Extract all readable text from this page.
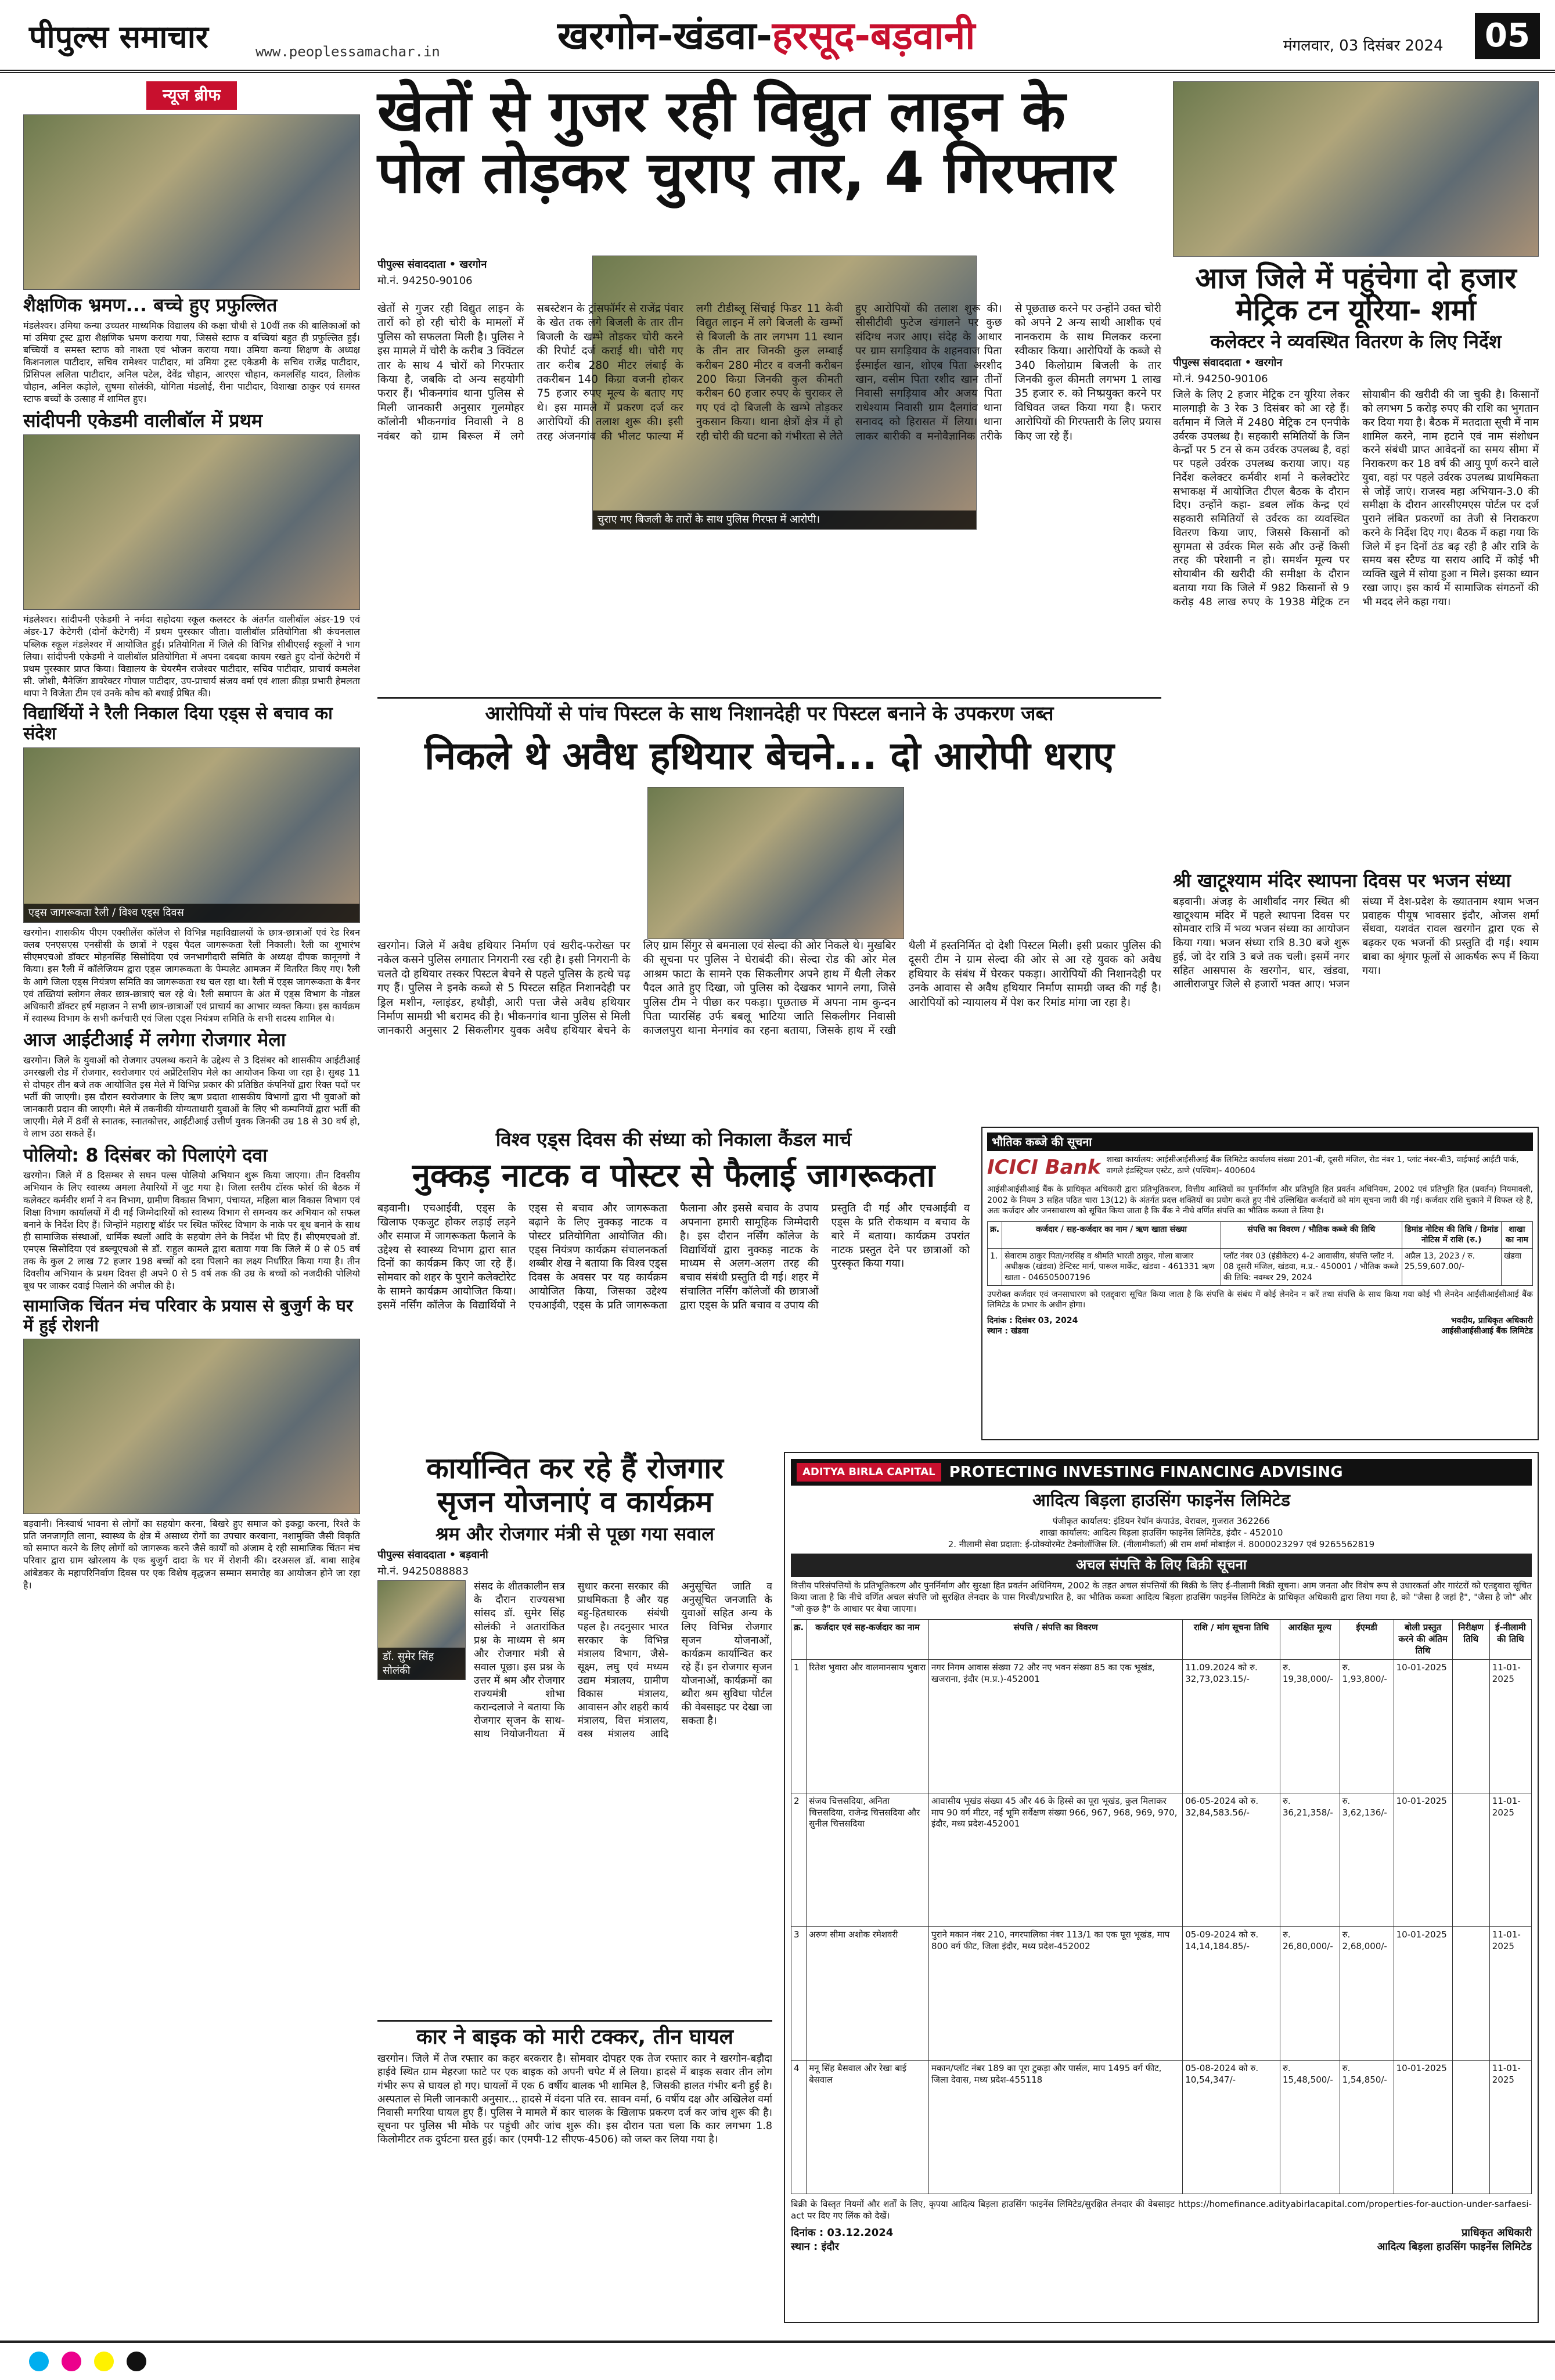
पीपुल्स समाचार	www.peoplessamachar.in	खरगोन-खंडवा-हरसूद-बड़वानी	मंगलवार, 03 दिसंबर 2024	05
न्यूज ब्रीफ
शैक्षणिक भ्रमण... बच्चे हुए प्रफुल्लित

मंडलेश्वर। उमिया कन्या उच्चतर माध्यमिक विद्यालय की कक्षा चौथी से 10वीं तक की बालिकाओं को मां उमिया ट्रस्ट द्वारा शैक्षणिक भ्रमण कराया गया, जिससे स्टाफ व बच्चियां बहुत ही प्रफुल्लित हुईं। बच्चियों व समस्त स्टाफ को नाश्ता एवं भोजन कराया गया। उमिया कन्या शिक्षण के अध्यक्ष किशनलाल पाटीदार, सचिव रामेश्वर पाटीदार, मां उमिया ट्रस्ट एकेडमी के सचिव राजेंद्र पाटीदार, प्रिंसिपल ललिता पाटीदार, अनिल पटेल, देवेंद्र चौहान, आरएस चौहान, कमलसिंह यादव, तिलोक चौहान, अनिल कड़ोले, सुषमा सोलंकी, योगिता मंडलोई, रीना पाटीदार, विशाखा ठाकुर एवं समस्त स्टाफ बच्चों के उत्साह में शामिल हुए।

सांदीपनी एकेडमी वालीबॉल में प्रथम

मंडलेश्वर। सांदीपनी एकेडमी ने नर्मदा सहोदया स्कूल कलस्टर के अंतर्गत वालीबॉल अंडर-19 एवं अंडर-17 केटेगरी (दोनों केटेगरी) में प्रथम पुरस्कार जीता। वालीबॉल प्रतियोगिता श्री कंचनलाल पब्लिक स्कूल मंडलेश्वर में आयोजित हुई। प्रतियोगिता में जिले की विभिन्न सीबीएसई स्कूलों ने भाग लिया। सांदीपनी एकेडमी ने वालीबॉल प्रतियोगिता में अपना दबदबा कायम रखते हुए दोनों केटेगरी में प्रथम पुरस्कार प्राप्त किया। विद्यालय के चेयरमैन राजेश्वर पाटीदार, सचिव पाटीदार, प्राचार्य कमलेश सी. जोशी, मैनेजिंग डायरेक्टर गोपाल पाटीदार, उप-प्राचार्य संजय वर्मा एवं शाला क्रीड़ा प्रभारी हेमलता थापा ने विजेता टीम एवं उनके कोच को बधाई प्रेषित की।

विद्यार्थियों ने रैली निकाल दिया एड्स से बचाव का संदेश
एड्स जागरूकता रैली / विश्व एड्स दिवस

खरगोन। शासकीय पीएम एक्सीलेंस कॉलेज से विभिन्न महाविद्यालयों के छात्र-छात्राओं एवं रेड रिबन क्लब एनएसएस एनसीसी के छात्रों ने एड्स पैदल जागरूकता रैली निकाली। रैली का शुभारंभ सीएमएचओ डॉक्टर मोहनसिंह सिसोदिया एवं जनभागीदारी समिति के अध्यक्ष दीपक कानूनगो ने किया। इस रैली में कॉलेजियम द्वारा एड्स जागरूकता के पेम्पलेट आमजन में वितरित किए गए। रैली के आगे जिला एड्स नियंत्रण समिति का जागरूकता रथ चल रहा था। रैली में एड्स जागरूकता के बैनर एवं तख्तियां स्लोगन लेकर छात्र-छात्राएं चल रहे थे। रैली समापन के अंत में एड्स विभाग के नोडल अधिकारी डॉक्टर हर्ष महाजन ने सभी छात्र-छात्राओं एवं प्राचार्य का आभार व्यक्त किया। इस कार्यक्रम में स्वास्थ्य विभाग के सभी कर्मचारी एवं जिला एड्स नियंत्रण समिति के सभी सदस्य शामिल थे।

आज आईटीआई में लगेगा रोजगार मेला

खरगोन। जिले के युवाओं को रोजगार उपलब्ध कराने के उद्देश्य से 3 दिसंबर को शासकीय आईटीआई उमरखली रोड में रोजगार, स्वरोजगार एवं अप्रेंटिसशिप मेले का आयोजन किया जा रहा है। सुबह 11 से दोपहर तीन बजे तक आयोजित इस मेले में विभिन्न प्रकार की प्रतिष्ठित कंपनियों द्वारा रिक्त पदों पर भर्ती की जाएगी। इस दौरान स्वरोजगार के लिए ऋण प्रदाता शासकीय विभागों द्वारा भी युवाओं को जानकारी प्रदान की जाएगी। मेले में तकनीकी योग्यताधारी युवाओं के लिए भी कम्पनियों द्वारा भर्ती की जाएगी। मेले में 8वीं से स्नातक, स्नातकोत्तर, आईटीआई उत्तीर्ण युवक जिनकी उम्र 18 से 30 वर्ष हो, वे लाभ उठा सकते हैं।

पोलियो: 8 दिसंबर को पिलाएंगे दवा

खरगोन। जिले में 8 दिसम्बर से सघन पल्स पोलियो अभियान शुरू किया जाएगा। तीन दिवसीय अभियान के लिए स्वास्थ्य अमला तैयारियों में जुट गया है। जिला स्तरीय टॉस्क फोर्स की बैठक में कलेक्टर कर्मवीर शर्मा ने वन विभाग, ग्रामीण विकास विभाग, पंचायत, महिला बाल विकास विभाग एवं शिक्षा विभाग कार्यालयों में दी गई जिम्मेदारियों को स्वास्थ्य विभाग से समन्वय कर अभियान को सफल बनाने के निर्देश दिए हैं। जिन्होंने महाराष्ट्र बॉर्डर पर स्थित फॉरेस्ट विभाग के नाके पर बूथ बनाने के साथ ही सामाजिक संस्थाओं, धार्मिक स्थलों आदि के सहयोग लेने के निर्देश भी दिए हैं। सीएमएचओ डॉ. एमएस सिसोदिया एवं डब्ल्यूएचओ से डॉ. राहुल कामले द्वारा बताया गया कि जिले में 0 से 05 वर्ष तक के कुल 2 लाख 72 हजार 198 बच्चों को दवा पिलाने का लक्ष्य निर्धारित किया गया है। तीन दिवसीय अभियान के प्रथम दिवस ही अपने 0 से 5 वर्ष तक की उम्र के बच्चों को नजदीकी पोलियो बूथ पर जाकर दवाई पिलाने की अपील की है।

सामाजिक चिंतन मंच परिवार के प्रयास से बुजुर्ग के घर में हुई रोशनी

बड़वानी। निःस्वार्थ भावना से लोगों का सहयोग करना, बिखरे हुए समाज को इकट्ठा करना, रिश्ते के प्रति जनजागृति लाना, स्वास्थ्य के क्षेत्र में असाध्य रोगों का उपचार करवाना, नशामुक्ति जैसी विकृति को समाप्त करने के लिए लोगों को जागरूक करने जैसे कार्यों को अंजाम दे रही सामाजिक चिंतन मंच परिवार द्वारा ग्राम खोरलाय के एक बुजुर्ग दादा के घर में रोशनी की। दरअसल डॉ. बाबा साहेब आंबेडकर के महापरिनिर्वाण दिवस पर एक विशेष वृद्धजन सम्मान समारोह का आयोजन होने जा रहा है।

खेतों से गुजर रही विद्युत लाइन के
पोल तोड़कर चुराए तार, 4 गिरफ्तार
पीपुल्स संवाददाता • खरगोन
मो.नं. 94250-90106
चुराए गए बिजली के तारों के साथ पुलिस गिरफ्त में आरोपी।

खेतों से गुजर रही विद्युत लाइन के तारों को हो रही चोरी के मामलों में पुलिस को सफलता मिली है। पुलिस ने इस मामले में चोरी के करीब 3 क्विंटल तार के साथ 4 चोरों को गिरफ्तार किया है, जबकि दो अन्य सहयोगी फरार हैं। भीकनगांव थाना पुलिस से मिली जानकारी अनुसार गुलमोहर कॉलोनी भीकनगांव निवासी ने 8 नवंबर को ग्राम बिरूल में लगे सबस्टेशन के ट्रांसफॉर्मर से राजेंद्र पंवार के खेत तक लगे बिजली के तार तीन बिजली के खम्भे तोड़कर चोरी करने की रिपोर्ट दर्ज कराई थी। चोरी गए तार करीब 280 मीटर लंबाई के तकरीबन 140 किग्रा वजनी होकर 75 हजार रुपए मूल्य के बताए गए थे। इस मामले में प्रकरण दर्ज कर आरोपियों की तलाश शुरू की। इसी तरह अंजनगांव की भीलट फाल्या में लगी टीडीब्लू सिंचाई फिडर 11 केवी विद्युत लाइन में लगे बिजली के खम्भों से बिजली के तार लगभग 11 स्थान के तीन तार जिनकी कुल लम्बाई करीबन 280 मीटर व वजनी करीबन 200 किग्रा जिनकी कुल कीमती करीबन 60 हजार रुपए के चुराकर ले गए एवं दो बिजली के खम्भे तोड़कर नुकसान किया। थाना क्षेत्रों क्षेत्र में हो रही चोरी की घटना को गंभीरता से लेते हुए आरोपियों की तलाश शुरू की। सीसीटीवी फुटेज खंगालने पर कुछ संदिग्ध नजर आए। संदेह के आधार पर ग्राम सगड़ियाव के शहनवाज पिता ईस्माईल खान, शोएब पिता अरशीद खान, वसीम पिता रशीद खान तीनों निवासी सगड़ियाव और अजय पिता राधेश्याम निवासी ग्राम दैलगांव थाना सनावद को हिरासत में लिया। थाना लाकर बारीकी व मनोवैज्ञानिक तरीके से पूछताछ करने पर उन्होंने उक्त चोरी को अपने 2 अन्य साथी आशीक एवं नानकराम के साथ मिलकर करना स्वीकार किया। आरोपियों के कब्जे से 340 किलोग्राम बिजली के तार जिनकी कुल कीमती लगभग 1 लाख 35 हजार रु. को निष्प्रयुक्त करने पर विधिवत जब्त किया गया है। फरार आरोपियों की गिरफ्तारी के लिए प्रयास किए जा रहे हैं।

आज जिले में पहुंचेगा दो हजार
मेट्रिक टन यूरिया- शर्मा
कलेक्टर ने व्यवस्थित वितरण के लिए निर्देश
पीपुल्स संवाददाता • खरगोन
मो.नं. 94250-90106

जिले के लिए 2 हजार मेट्रिक टन यूरिया लेकर मालगाड़ी के 3 रेक 3 दिसंबर को आ रहे हैं। वर्तमान में जिले में 2480 मेट्रिक टन एनपीके उर्वरक उपलब्ध है। सहकारी समितियों के जिन केन्द्रों पर 5 टन से कम उर्वरक उपलब्ध है, वहां पर पहले उर्वरक उपलब्ध कराया जाए। यह निर्देश कलेक्टर कर्मवीर शर्मा ने कलेक्टोरेट सभाकक्ष में आयोजित टीएल बैठक के दौरान दिए। उन्होंने कहा- डबल लॉक केन्द्र एवं सहकारी समितियों से उर्वरक का व्यवस्थित वितरण किया जाए, जिससे किसानों को सुगमता से उर्वरक मिल सके और उन्हें किसी तरह की परेशानी न हो। समर्थन मूल्य पर सोयाबीन की खरीदी की समीक्षा के दौरान बताया गया कि जिले में 982 किसानों से 9 करोड़ 48 लाख रुपए के 1938 मेट्रिक टन सोयाबीन की खरीदी की जा चुकी है। किसानों को लगभग 5 करोड़ रुपए की राशि का भुगतान कर दिया गया है। बैठक में मतदाता सूची में नाम शामिल करने, नाम हटाने एवं नाम संशोधन करने संबंधी प्राप्त आवेदनों का समय सीमा में निराकरण कर 18 वर्ष की आयु पूर्ण करने वाले युवा, वहां पर पहले उर्वरक उपलब्ध प्राथमिकता से जोड़ें जाएं। राजस्व महा अभियान-3.0 की समीक्षा के दौरान आरसीएमएस पोर्टल पर दर्ज पुराने लंबित प्रकरणों का तेजी से निराकरण करने के निर्देश दिए गए। बैठक में कहा गया कि जिले में इन दिनों ठंड बढ़ रही है और रात्रि के समय बस स्टैण्ड या सराय आदि में कोई भी व्यक्ति खुले में सोया हुआ न मिले। इसका ध्यान रखा जाए। इस कार्य में सामाजिक संगठनों की भी मदद लेने कहा गया।

आरोपियों से पांच पिस्टल के साथ निशानदेही पर पिस्टल बनाने के उपकरण जब्त
निकले थे अवैध हथियार बेचने... दो आरोपी धराए

खरगोन। जिले में अवैध हथियार निर्माण एवं खरीद-फरोख्त पर नकेल कसने पुलिस लगातार निगरानी रख रही है। इसी निगरानी के चलते दो हथियार तस्कर पिस्टल बेचने से पहले पुलिस के हत्थे चढ़ गए हैं। पुलिस ने इनके कब्जे से 5 पिस्टल सहित निशानदेही पर ड्रिल मशीन, ग्लाइंडर, हथौड़ी, आरी पत्ता जैसे अवैध हथियार निर्माण सामग्री भी बरामद की है। भीकनगांव थाना पुलिस से मिली जानकारी अनुसार 2 सिकलीगर युवक अवैध हथियार बेचने के लिए ग्राम सिंगुर से बमनाला एवं सेल्दा की ओर निकले थे। मुखबिर की सूचना पर पुलिस ने घेराबंदी की। सेल्दा रोड की ओर मेल आश्रम फाटा के सामने एक सिकलीगर अपने हाथ में थैली लेकर पैदल आते हुए दिखा, जो पुलिस को देखकर भागने लगा, जिसे पुलिस टीम ने पीछा कर पकड़ा। पूछताछ में अपना नाम कुन्दन पिता प्यारसिंह उर्फ बबलू भाटिया जाति सिकलीगर निवासी काजलपुरा थाना मेनगांव का रहना बताया, जिसके हाथ में रखी थैली में हस्तनिर्मित दो देशी पिस्टल मिली। इसी प्रकार पुलिस की दूसरी टीम ने ग्राम सेल्दा की ओर से आ रहे युवक को अवैध हथियार के संबंध में घेरकर पकड़ा। आरोपियों की निशानदेही पर उनके आवास से अवैध हथियार निर्माण सामग्री जब्त की गई है। आरोपियों को न्यायालय में पेश कर रिमांड मांगा जा रहा है।

श्री खाटूश्याम मंदिर स्थापना दिवस पर भजन संध्या

बड़वानी। अंजड़ के आशीर्वाद नगर स्थित श्री खाटूश्याम मंदिर में पहले स्थापना दिवस पर सोमवार रात्रि में भव्य भजन संध्या का आयोजन किया गया। भजन संध्या रात्रि 8.30 बजे शुरू हुई, जो देर रात्रि 3 बजे तक चली। इसमें नगर सहित आसपास के खरगोन, धार, खंडवा, आलीराजपुर जिले से हजारों भक्त आए। भजन संध्या में देश-प्रदेश के ख्यातनाम श्याम भजन प्रवाहक पीयूष भावसार इंदौर, ओजस शर्मा सेंधवा, यशवंत रावल खरगोन द्वारा एक से बढ़कर एक भजनों की प्रस्तुति दी गई। श्याम बाबा का श्रृंगार फूलों से आकर्षक रूप में किया गया।

विश्व एड्स दिवस की संध्या को निकाला कैंडल मार्च
नुक्कड़ नाटक व पोस्टर से फैलाई जागरूकता

बड़वानी। एचआईवी, एड्स के खिलाफ एकजुट होकर लड़ाई लड़ने और समाज में जागरूकता फैलाने के उद्देश्य से स्वास्थ्य विभाग द्वारा सात दिनों का कार्यक्रम किए जा रहे हैं। सोमवार को शहर के पुराने कलेक्टोरेट के सामने कार्यक्रम आयोजित किया। इसमें नर्सिंग कॉलेज के विद्यार्थियों ने एड्स से बचाव और जागरूकता बढ़ाने के लिए नुक्कड़ नाटक व पोस्टर प्रतियोगिता आयोजित की। एड्स नियंत्रण कार्यक्रम संचालनकर्ता शब्बीर शेख ने बताया कि विश्व एड्स दिवस के अवसर पर यह कार्यक्रम आयोजित किया, जिसका उद्देश्य एचआईवी, एड्स के प्रति जागरूकता फैलाना और इससे बचाव के उपाय अपनाना हमारी सामूहिक जिम्मेदारी है। इस दौरान नर्सिंग कॉलेज के विद्यार्थियों द्वारा नुक्कड़ नाटक के माध्यम से अलग-अलग तरह की बचाव संबंधी प्रस्तुति दी गई। शहर में संचालित नर्सिंग कॉलेजों की छात्राओं द्वारा एड्स के प्रति बचाव व उपाय की प्रस्तुति दी गई और एचआईवी व एड्स के प्रति रोकथाम व बचाव के बारे में बताया। कार्यक्रम उपरांत नाटक प्रस्तुत देने पर छात्राओं को पुरस्कृत किया गया।

भौतिक कब्जे की सूचना
ICICI Bank शाखा कार्यालय: आईसीआईसीआई बैंक लिमिटेड कार्यालय संख्या 201-बी, दूसरी मंजिल, रोड नंबर 1, प्लांट नंबर-बी3, वाईफाई आईटी पार्क, वागले इंडस्ट्रियल एस्टेट, ठाणे (पश्चिम)- 400604

आईसीआईसीआई बैंक के प्राधिकृत अधिकारी द्वारा प्रतिभूतिकरण, वित्तीय आस्तियों का पुनर्निर्माण और प्रतिभूति हित प्रवर्तन अधिनियम, 2002 एवं प्रतिभूति हित (प्रवर्तन) नियमावली, 2002 के नियम 3 सहित पठित धारा 13(12) के अंतर्गत प्रदत्त शक्तियों का प्रयोग करते हुए नीचे उल्लिखित कर्जदारों को मांग सूचना जारी की गई। कर्जदार राशि चुकाने में विफल रहे हैं, अतः कर्जदार और जनसाधारण को सूचित किया जाता है कि बैंक ने नीचे वर्णित संपत्ति का भौतिक कब्जा ले लिया है।

क्र.	कर्जदार / सह-कर्जदार का नाम / ऋण खाता संख्या	संपत्ति का विवरण / भौतिक कब्जे की तिथि	डिमांड नोटिस की तिथि / डिमांड नोटिस में राशि (रु.)	शाखा का नाम
1.	सेवाराम ठाकुर पिता/नरसिंह व श्रीमति भारती ठाकुर, गोला बाजार अधीक्षक (खंडवा) डेन्टिस्ट मार्ग, पारूल मार्केट, खंडवा - 461331 ऋण खाता - 046505007196	प्लॉट नंबर 03 (इंडीकेटर) 4-2 आवासीय, संपत्ति प्लॉट नं. 08 दूसरी मंजिल, खंडवा, म.प्र.- 450001 / भौतिक कब्जे की तिथि: नवम्बर 29, 2024	अप्रैल 13, 2023 / रु. 25,59,607.00/-	खंडवा

उपरोक्त कर्जदार एवं जनसाधारण को एतद्द्वारा सूचित किया जाता है कि संपत्ति के संबंध में कोई लेनदेन न करें तथा संपत्ति के साथ किया गया कोई भी लेनदेन आईसीआईसीआई बैंक लिमिटेड के प्रभार के अधीन होगा।

दिनांक : दिसंबर 03, 2024
स्थान : खंडवा
भवदीय, प्राधिकृत अधिकारी
आईसीआईसीआई बैंक लिमिटेड
कार्यान्वित कर रहे हैं रोजगार
सृजन योजनाएं व कार्यक्रम
श्रम और रोजगार मंत्री से पूछा गया सवाल
पीपुल्स संवाददाता • बड़वानी
मो.नं. 9425088883
डॉ. सुमेर सिंह सोलंकी

संसद के शीतकालीन सत्र के दौरान राज्यसभा सांसद डॉ. सुमेर सिंह सोलंकी ने अतारांकित प्रश्न के माध्यम से श्रम और रोजगार मंत्री से सवाल पूछा। इस प्रश्न के उत्तर में श्रम और रोजगार राज्यमंत्री शोभा करान्दलाजे ने बताया कि रोजगार सृजन के साथ-साथ नियोजनीयता में सुधार करना सरकार की प्राथमिकता है और यह बहु-हितधारक संबंधी पहल है। तदनुसार भारत सरकार के विभिन्न मंत्रालय विभाग, जैसे- सूक्ष्म, लघु एवं मध्यम उद्यम मंत्रालय, ग्रामीण विकास मंत्रालय, आवासन और शहरी कार्य मंत्रालय, वित्त मंत्रालय, वस्त्र मंत्रालय आदि अनुसूचित जाति व अनुसूचित जनजाति के युवाओं सहित अन्य के लिए विभिन्न रोजगार सृजन योजनाओं, कार्यक्रम कार्यान्वित कर रहे हैं। इन रोजगार सृजन योजनाओं, कार्यक्रमों का ब्यौरा श्रम सुविधा पोर्टल की वेबसाइट पर देखा जा सकता है।

कार ने बाइक को मारी टक्कर, तीन घायल

खरगोन। जिले में तेज रफ्तार का कहर बरकरार है। सोमवार दोपहर एक तेज रफ्तार कार ने खरगोन-बड़ौदा हाईवे स्थित ग्राम मेहरजा फाटे पर एक बाइक को अपनी चपेट में ले लिया। हादसे में बाइक सवार तीन लोग गंभीर रूप से घायल हो गए। घायलों में एक 6 वर्षीय बालक भी शामिल है, जिसकी हालत गंभीर बनी हुई है। अस्पताल से मिली जानकारी अनुसार... हादसे में वंदना पति रव. सावन वर्मा, 6 वर्षीय दक्ष और अखिलेश वर्मा निवासी मगरिया घायल हुए हैं। पुलिस ने मामले में कार चालक के खिलाफ प्रकरण दर्ज कर जांच शुरू की है। सूचना पर पुलिस भी मौके पर पहुंची और जांच शुरू की। इस दौरान पता चला कि कार लगभग 1.8 किलोमीटर तक दुर्घटना ग्रस्त हुई। कार (एमपी-12 सीएफ-4506) को जब्त कर लिया गया है।

ADITYA BIRLA CAPITAL PROTECTING INVESTING FINANCING ADVISING
आदित्य बिड़ला हाउसिंग फाइनेंस लिमिटेड
पंजीकृत कार्यालय: इंडियन रेयॉन कंपाउंड, वेरावल, गुजरात 362266
शाखा कार्यालय: आदित्य बिड़ला हाउसिंग फाइनेंस लिमिटेड, इंदौर - 452010
2. नीलामी सेवा प्रदाता: ई-प्रोक्योरमेंट टेक्नोलॉजिस लि. (नीलामीकर्ता) श्री राम शर्मा मोबाईल नं. 8000023297 एवं 9265562819
अचल संपत्ति के लिए बिक्री सूचना

वित्तीय परिसंपत्तियों के प्रतिभूतिकरण और पुनर्निर्माण और सुरक्षा हित प्रवर्तन अधिनियम, 2002 के तहत अचल संपत्तियों की बिक्री के लिए ई-नीलामी बिक्री सूचना। आम जनता और विशेष रूप से उधारकर्ता और गारंटरों को एतद्द्वारा सूचित किया जाता है कि नीचे वर्णित अचल संपत्ति जो सुरक्षित लेनदार के पास गिरवी/प्रभारित है, का भौतिक कब्जा आदित्य बिड़ला हाउसिंग फाइनेंस लिमिटेड के प्राधिकृत अधिकारी द्वारा लिया गया है, को "जैसा है जहां है", "जैसा है जो" और "जो कुछ है" के आधार पर बेचा जाएगा।

क्र.	कर्जदार एवं सह-कर्जदार का नाम	संपत्ति / संपत्ति का विवरण	राशि / मांग सूचना तिथि	आरक्षित मूल्य	ईएमडी	बोली प्रस्तुत करने की अंतिम तिथि	निरीक्षण तिथि	ई-नीलामी की तिथि
1	रितेश भुवारा और वालमानसाय भुवारा	नगर निगम आवास संख्या 72 और नए भवन संख्या 85 का एक भूखंड, खजराना, इंदौर (म.प्र.)-452001	11.09.2024 को रु. 32,73,023.15/-	रु. 19,38,000/-	रु. 1,93,800/-	10-01-2025		11-01-2025
2	संजय चित्तसदिया, अनिता चित्तसदिया, राजेन्द्र चित्तसदिया और सुनील चित्तसदिया	आवासीय भूखंड संख्या 45 और 46 के हिस्से का पूरा भूखंड, कुल मिलाकर माप 90 वर्ग मीटर, नई भूमि सर्वेक्षण संख्या 966, 967, 968, 969, 970, इंदौर, मध्य प्रदेश-452001	06-05-2024 को रु. 32,84,583.56/-	रु. 36,21,358/-	रु. 3,62,136/-	10-01-2025		11-01-2025
3	अरुण सीमा अशोक रमेशवरी	पुराने मकान नंबर 210, नगरपालिका नंबर 113/1 का एक पूरा भूखंड, माप 800 वर्ग फीट, जिला इंदौर, मध्य प्रदेश-452002	05-09-2024 को रु. 14,14,184.85/-	रु. 26,80,000/-	रु. 2,68,000/-	10-01-2025		11-01-2025
4	मनू सिंह बैसवाल और रेखा बाई बेसवाल	मकान/प्लॉट नंबर 189 का पूरा टुकड़ा और पार्सल, माप 1495 वर्ग फीट, जिला देवास, मध्य प्रदेश-455118	05-08-2024 को रु. 10,54,347/-	रु. 15,48,500/-	रु. 1,54,850/-	10-01-2025		11-01-2025

बिक्री के विस्तृत नियमों और शर्तों के लिए, कृपया आदित्य बिड़ला हाउसिंग फाइनेंस लिमिटेड/सुरक्षित लेनदार की वेबसाइट https://homefinance.adityabirlacapital.com/properties-for-auction-under-sarfaesi-act पर दिए गए लिंक को देखें।

दिनांक : 03.12.2024
स्थान : इंदौर
प्राधिकृत अधिकारी
आदित्य बिड़ला हाउसिंग फाइनेंस लिमिटेड
